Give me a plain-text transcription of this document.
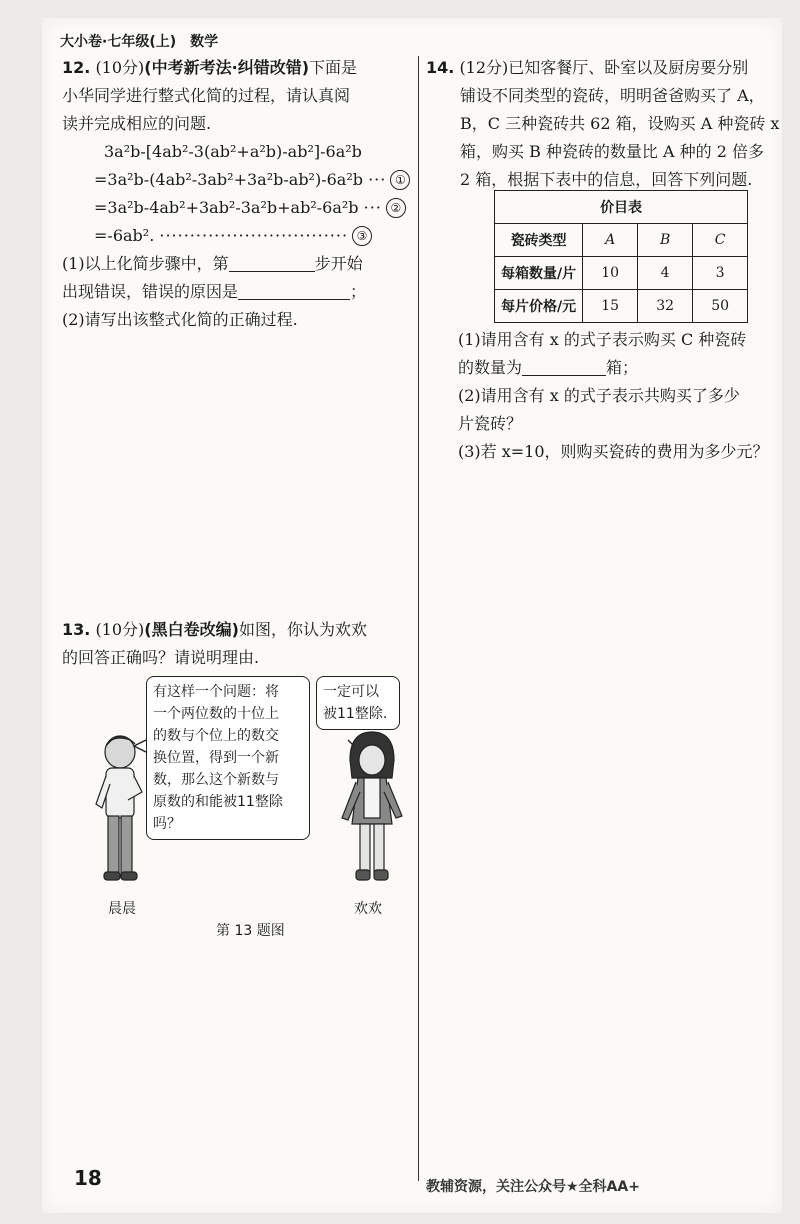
大小卷·七年级(上)　数学

12. (10分)(中考新考法·纠错改错)下面是

小华同学进行整式化简的过程，请认真阅

读并完成相应的问题.

3a²b-[4ab²-3(ab²+a²b)-ab²]-6a²b

=3a²b-(4ab²-3ab²+3a²b-ab²)-6a²b ··· ①

=3a²b-4ab²+3ab²-3a²b+ab²-6a²b ··· ②

=-6ab². ······························· ③

(1)以上化简步骤中，第	步开始

出现错误，错误的原因是	；

(2)请写出该整式化简的正确过程.

13. (10分)(黑白卷改编)如图，你认为欢欢

的回答正确吗？请说明理由.

有这样一个问题：将

一个两位数的十位上

的数与个位上的数交

换位置，得到一个新

数，那么这个新数与

原数的和能被11整除

吗？

一定可以

被11整除.

晨晨	欢欢
第 13 题图

14. (12分)已知客餐厅、卧室以及厨房要分别

铺设不同类型的瓷砖，明明爸爸购买了 A，

B，C 三种瓷砖共 62 箱，设购买 A 种瓷砖 x

箱，购买 B 种瓷砖的数量比 A 种的 2 倍多

2 箱，根据下表中的信息，回答下列问题.

价目表			
瓷砖类型	A	B	C
每箱数量/片	10	4	3
每片价格/元	15	32	50

(1)请用含有 x 的式子表示购买 C 种瓷砖

的数量为	箱；

(2)请用含有 x 的式子表示共购买了多少

片瓷砖？

(3)若 x=10，则购买瓷砖的费用为多少元？

18	教辅资源，关注公众号★全科AA+
